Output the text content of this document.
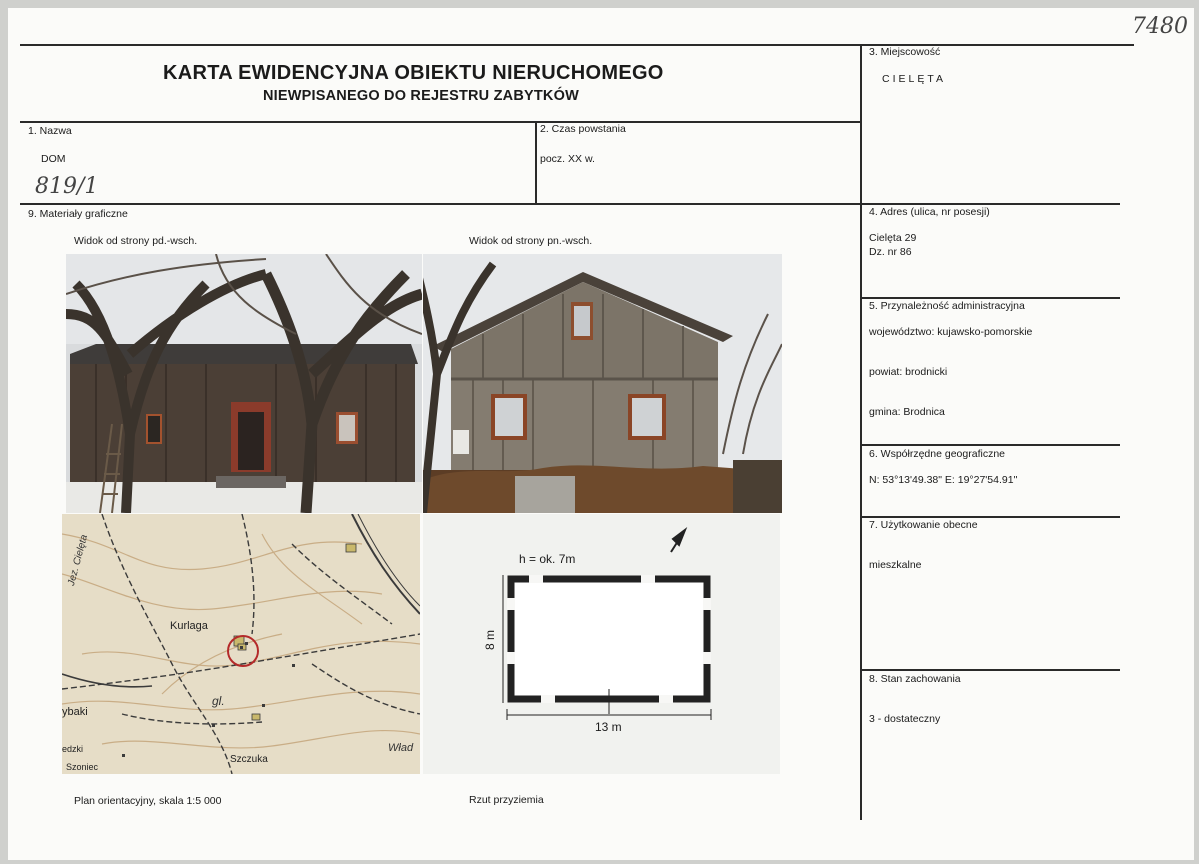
7480
KARTA EWIDENCYJNA OBIEKTU NIERUCHOMEGO
NIEWPISANEGO DO REJESTRU ZABYTKÓW
1. Nazwa
DOM
819/1
2. Czas powstania
pocz. XX w.
3. Miejscowość
CIELĘTA
4. Adres (ulica, nr posesji)
Cielęta 29
Dz. nr 86
5. Przynależność administracyjna
województwo: kujawsko-pomorskie
powiat: brodnicki
gmina: Brodnica
6. Współrzędne geograficzne
N: 53°13'49.38" E: 19°27'54.91"
7. Użytkowanie obecne
mieszkalne
8. Stan zachowania
3 - dostateczny
9. Materiały graficzne
Widok od strony pd.-wsch.	Widok od strony pn.-wsch.
Kurlaga
Jez. Cielęta
gl.
ybaki
Szczuka
Wład
Szoniec
edzki
h = ok. 7m
13 m
8 m
Plan orientacyjny, skala 1:5 000	Rzut przyziemia
